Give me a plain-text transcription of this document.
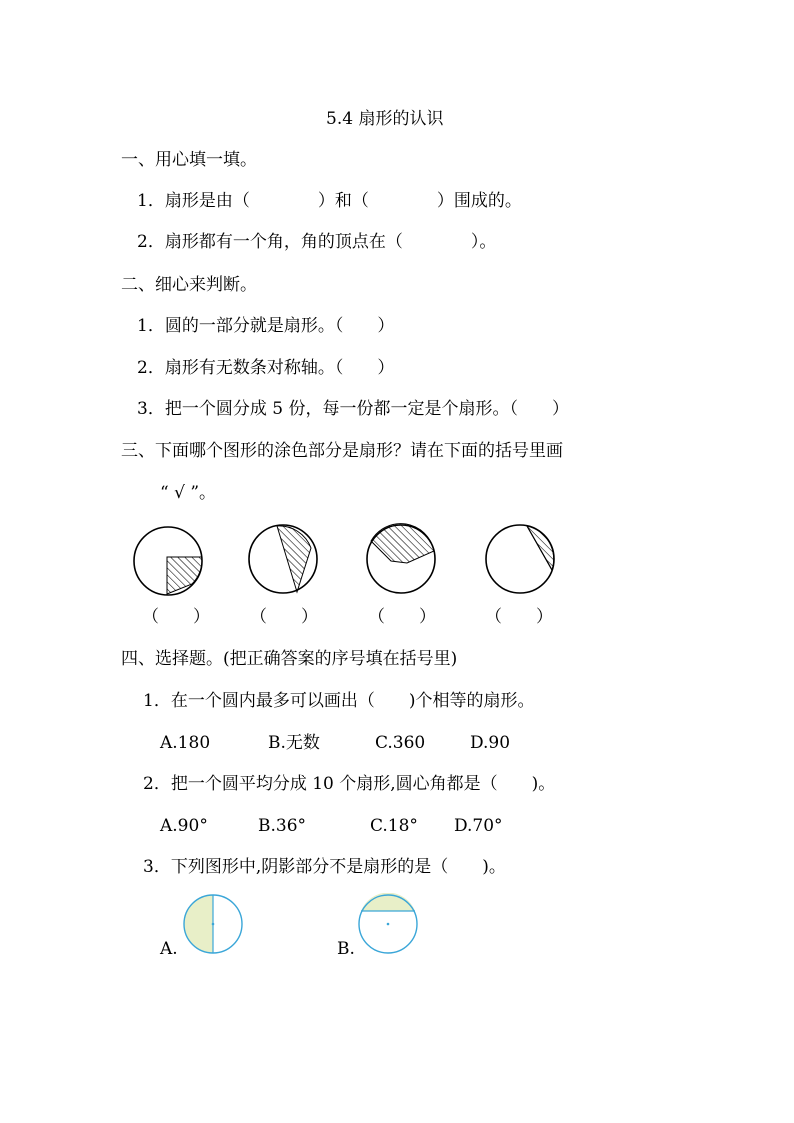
5.4 扇形的认识
一、用心填一填。
1．扇形是由（　　　　）和（　　　　）围成的。
2．扇形都有一个角，角的顶点在（　　　　）。
二、细心来判断。
1．圆的一部分就是扇形。（　　）
2．扇形有无数条对称轴。（　　）
3．把一个圆分成 5 份，每一份都一定是个扇形。（　　）
三、下面哪个图形的涂色部分是扇形？请在下面的括号里画
“ √ ”。
（　　） （　　）	（　　）	（　　）
四、选择题。(把正确答案的序号填在括号里)
1．在一个圆内最多可以画出（　　)个相等的扇形。
A.180	B.无数	C.360	D.90
2．把一个圆平均分成 10 个扇形,圆心角都是（　　)。
A.90°	B.36°	C.18° D.70°
3．下列图形中,阴影部分不是扇形的是（　　)。
A.	B.
